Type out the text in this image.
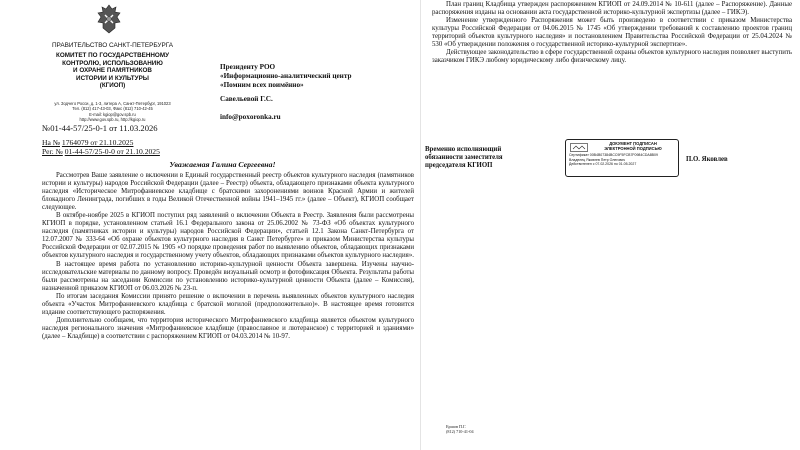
ПРАВИТЕЛЬСТВО САНКТ-ПЕТЕРБУРГА
КОМИТЕТ ПО ГОСУДАРСТВЕННОМУ
КОНТРОЛЮ, ИСПОЛЬЗОВАНИЮ
И ОХРАНЕ ПАМЯТНИКОВ
ИСТОРИИ И КУЛЬТУРЫ
(КГИОП)
ул. Зодчего Росси, д. 1-3, литера А, Санкт-Петербург, 191023
Тел. (812) 417-43-03, Факс (812) 710-42-45
E-mail: kgiop@gov.spb.ru
http://www.gov.spb.ru, http://kgiop.ru
№01-44-57/25-0-1 от 11.03.2026
На № 1764079 от 21.10.2025
Рег. № 01-44-57/25-0-0 от 21.10.2025
Президенту РОО
«Информационно-аналитический центр
«Помним всех поимённо»
Савельевой Г.С.
info@poxoronka.ru
Уважаемая Галина Сергеевна!

Рассмотрев Ваше заявление о включении в Единый государственный реестр объектов культурного наследия (памятников истории и культуры) народов Российской Федерации (далее – Реестр) объекта, обладающего признаками объекта культурного наследия «Историческое Митрофаниевское кладбище с братскими захоронениями воинов Красной Армии и жителей блокадного Ленинграда, погибших в годы Великой Отечественной войны 1941–1945 гг.» (далее – Объект), КГИОП сообщает следующее.

В октябре-ноябре 2025 в КГИОП поступил ряд заявлений о включении Объекта в Реестр. Заявления были рассмотрены КГИОП в порядке, установленном статьей 16.1 Федерального закона от 25.06.2002 № 73-ФЗ «Об объектах культурного наследия (памятниках истории и культуры) народов Российской Федерации», статьей 12.1 Закона Санкт-Петербурга от 12.07.2007 № 333-64 «Об охране объектов культурного наследия в Санкт Петербурге» и приказом Министерства культуры Российской Федерации от 02.07.2015 № 1905 «О порядке проведения работ по выявлению объектов, обладающих признаками объектов культурного наследия и государственному учету объектов, обладающих признаками объектов культурного наследия».

В настоящее время работа по установлению историко-культурной ценности Объекта завершена. Изучены научно-исследовательские материалы по данному вопросу. Проведён визуальный осмотр и фотофиксация Объекта. Результаты работы были рассмотрены на заседании Комиссии по установлению историко-культурной ценности Объекта (далее – Комиссия), назначенной приказом КГИОП от 06.03.2026 № 23-п.

По итогам заседания Комиссии принято решение о включении в перечень выявленных объектов культурного наследия объекта «Участок Митрофаниевского кладбища с братской могилой (предположительно)». В настоящее время готовится издание соответствующего распоряжения.

Дополнительно сообщаем, что территория исторического Митрофаниевского кладбища является объектом культурного наследия регионального значения «Митрофаниевское кладбище (православное и лютеранское) с территорией и зданиями» (далее – Кладбище) в соответствии с распоряжением КГИОП от 04.03.2014 № 10-97.

План границ Кладбища утвержден распоряжением КГИОП от 24.09.2014 № 10-611 (далее – Распоряжение). Данные распоряжения изданы на основании акта государственной историко-культурной экспертизы (далее – ГИКЭ).

Изменение утвержденного Распоряжения может быть произведено в соответствии с приказом Министерства культуры Российской Федерации от 04.06.2015 № 1745 «Об утверждении требований к составлению проектов границ территорий объектов культурного наследия» и постановлением Правительства Российской Федерации от 25.04.2024 № 530 «Об утверждении положения о государственной историко-культурной экспертизе».

Действующее законодательство в сфере государственной охраны объектов культурного наследия позволяет выступить заказчиком ГИКЭ любому юридическому либо физическому лицу.

Временно исполняющий
обязанности заместителя
председателя КГИОП
ДОКУМЕНТ ПОДПИСАН
ЭЛЕКТРОННОЙ ПОДПИСЬЮ
Сертификат 00B4B07384BCC9F5FCB7F0984CDA8B09
Владелец Яковлев Петр Олегович
Действителен с 07.02.2026 по 01.05.2027
П.О. Яковлев
Ершов П.Г.
(812) 710-41-04
